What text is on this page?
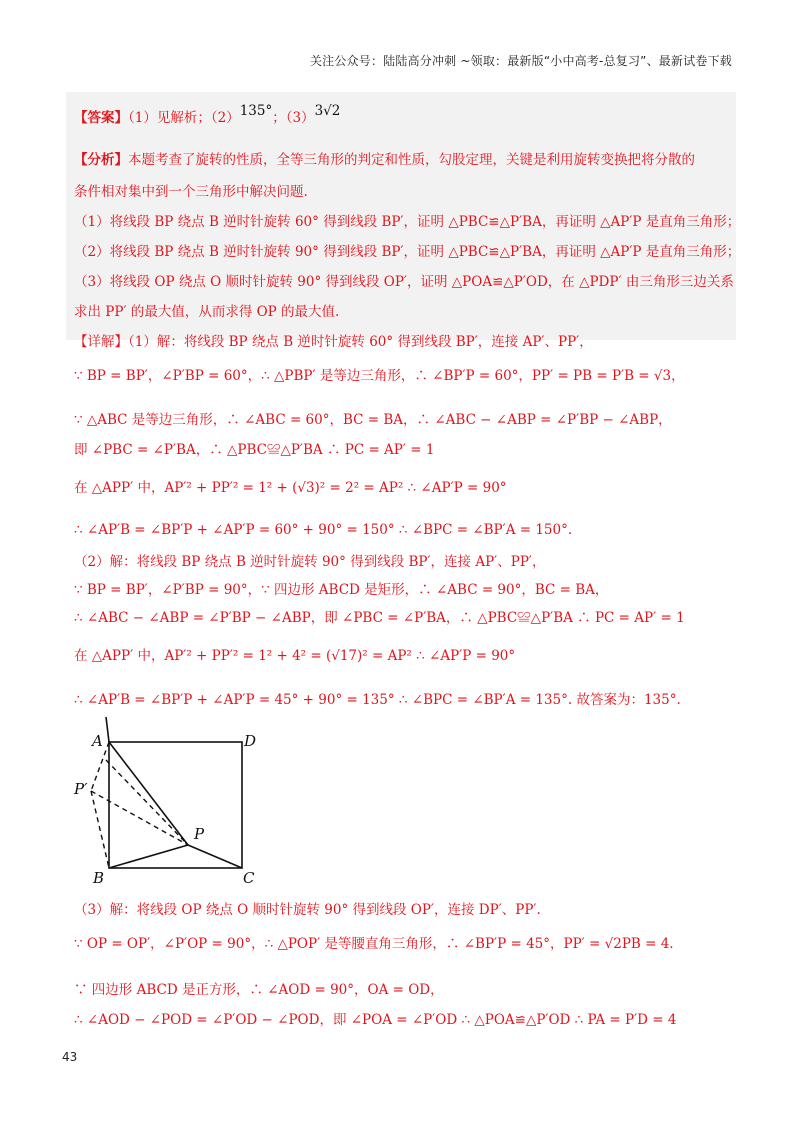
关注公众号：陆陆高分冲刺 ~领取：最新版“小中高考-总复习”、最新试卷下载
【答案】（1）见解析；（2）135°；（3）3√2
【分析】本题考查了旋转的性质，全等三角形的判定和性质，勾股定理，关键是利用旋转变换把将分散的
条件相对集中到一个三角形中解决问题.
（1）将线段 BP 绕点 B 逆时针旋转 60° 得到线段 BP′，证明 △PBC≌△P′BA，再证明 △AP′P 是直角三角形；
（2）将线段 BP 绕点 B 逆时针旋转 90° 得到线段 BP′，证明 △PBC≌△P′BA，再证明 △AP′P 是直角三角形；
（3）将线段 OP 绕点 O 顺时针旋转 90° 得到线段 OP′，证明 △POA≌△P′OD，在 △PDP′ 由三角形三边关系
求出 PP′ 的最大值，从而求得 OP 的最大值.
【详解】（1）解：将线段 BP 绕点 B 逆时针旋转 60° 得到线段 BP′，连接 AP′、PP′，
∵ BP = BP′，∠P′BP = 60°，∴ △PBP′ 是等边三角形，∴ ∠BP′P = 60°，PP′ = PB = P′B = √3，
∵ △ABC 是等边三角形，∴ ∠ABC = 60°，BC = BA，∴ ∠ABC − ∠ABP = ∠P′BP − ∠ABP，
即 ∠PBC = ∠P′BA，∴ △PBC≌△P′BA ∴ PC = AP′ = 1
在 △APP′ 中，AP′² + PP′² = 1² + (√3)² = 2² = AP² ∴ ∠AP′P = 90°
∴ ∠AP′B = ∠BP′P + ∠AP′P = 60° + 90° = 150° ∴ ∠BPC = ∠BP′A = 150°.
（2）解：将线段 BP 绕点 B 逆时针旋转 90° 得到线段 BP′，连接 AP′、PP′，
∵ BP = BP′，∠P′BP = 90°，∵ 四边形 ABCD 是矩形，∴ ∠ABC = 90°，BC = BA，
∴ ∠ABC − ∠ABP = ∠P′BP − ∠ABP，即 ∠PBC = ∠P′BA，∴ △PBC≌△P′BA ∴ PC = AP′ = 1
在 △APP′ 中，AP′² + PP′² = 1² + 4² = (√17)² = AP² ∴ ∠AP′P = 90°
∴ ∠AP′B = ∠BP′P + ∠AP′P = 45° + 90° = 135° ∴ ∠BPC = ∠BP′A = 135°. 故答案为：135°.
A	D
P′
P
B	C
（3）解：将线段 OP 绕点 O 顺时针旋转 90° 得到线段 OP′，连接 DP′、PP′.
∵ OP = OP′，∠P′OP = 90°，∴ △POP′ 是等腰直角三角形，∴ ∠BP′P = 45°，PP′ = √2PB = 4.
∵ 四边形 ABCD 是正方形，∴ ∠AOD = 90°，OA = OD，
∴ ∠AOD − ∠POD = ∠P′OD − ∠POD，即 ∠POA = ∠P′OD ∴ △POA≌△P′OD ∴ PA = P′D = 4
43
